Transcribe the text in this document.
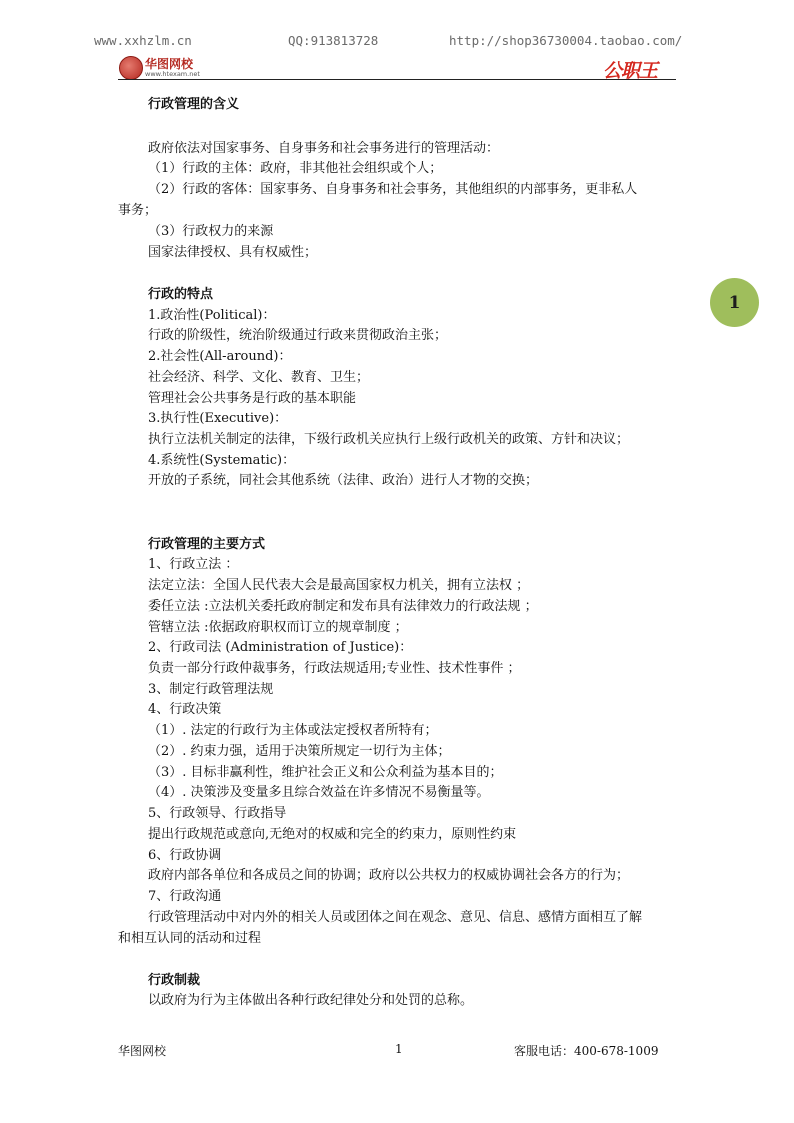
www.xxhzlm.cn	QQ:913813728	http://shop36730004.taobao.com/
华图网校
www.htexam.net	公职王
1
行政管理的含义
政府依法对国家事务、自身事务和社会事务进行的管理活动：
（1）行政的主体：政府，非其他社会组织或个人；
（2）行政的客体：国家事务、自身事务和社会事务，其他组织的内部事务，更非私人
事务；
（3）行政权力的来源
国家法律授权、具有权威性；
行政的特点
1.政治性(Political)：
行政的阶级性，统治阶级通过行政来贯彻政治主张；
2.社会性(All-around)：
社会经济、科学、文化、教育、卫生；
管理社会公共事务是行政的基本职能
3.执行性(Executive)：
执行立法机关制定的法律，下级行政机关应执行上级行政机关的政策、方针和决议；
4.系统性(Systematic)：
开放的子系统，同社会其他系统（法律、政治）进行人才物的交换；
行政管理的主要方式
1、行政立法 ：
法定立法：全国人民代表大会是最高国家权力机关，拥有立法权 ；
委任立法 :立法机关委托政府制定和发布具有法律效力的行政法规 ；
管辖立法 :依据政府职权而订立的规章制度 ；
2、行政司法 (Administration of Justice)：
负责一部分行政仲裁事务，行政法规适用;专业性、技术性事件 ；
3、制定行政管理法规
4、行政决策
（1）. 法定的行政行为主体或法定授权者所特有；
（2）. 约束力强，适用于决策所规定一切行为主体；
（3）. 目标非赢利性，维护社会正义和公众利益为基本目的；
（4）. 决策涉及变量多且综合效益在许多情况不易衡量等。
5、行政领导、行政指导
提出行政规范或意向,无绝对的权威和完全的约束力，原则性约束
6、行政协调
政府内部各单位和各成员之间的协调；政府以公共权力的权威协调社会各方的行为；
7、行政沟通
行政管理活动中对内外的相关人员或团体之间在观念、意见、信息、感情方面相互了解
和相互认同的活动和过程
行政制裁
以政府为行为主体做出各种行政纪律处分和处罚的总称。
华图网校	1	客服电话：400-678-1009
